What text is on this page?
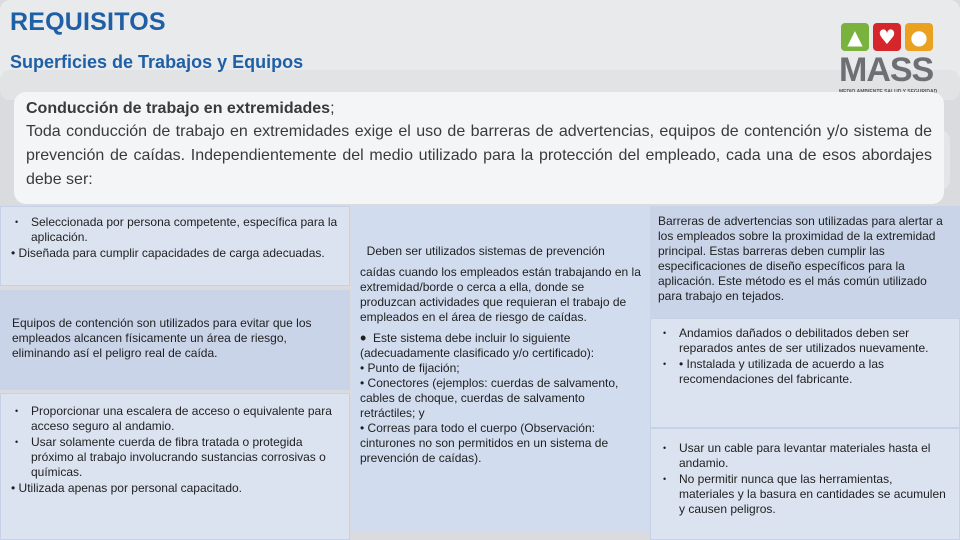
REQUISITOS
Superficies de Trabajos y Equipos
▲ ♥ ●
MASS
Conducción de trabajo en extremidades;
Toda conducción de trabajo en extremidades exige el uso de barreras de advertencias, equipos de contención y/o sistema de prevención de caídas. Independientemente del medio utilizado para la protección del empleado, cada una de esos abordajes debe ser:
• Seleccionada por persona competente, específica para la aplicación.
• Diseñada para cumplir capacidades de carga adecuadas.
Equipos de contención son utilizados para evitar que los empleados alcancen físicamente un área de riesgo, eliminando así el peligro real de caída.
• Proporcionar una escalera de acceso o equivalente para acceso seguro al andamio.
• Usar solamente cuerda de fibra tratada o protegida próximo al trabajo involucrando sustancias corrosivas o químicas.
• Utilizada apenas por personal capacitado.

Deben ser utilizados sistemas de prevención

caídas cuando los empleados están trabajando en la extremidad/borde o cerca a ella, donde se produzcan actividades que requieran el trabajo de empleados en el área de riesgo de caídas.

• Este sistema debe incluir lo siguiente

(adecuadamente clasificado y/o certificado):

• Punto de fijación;

• Conectores (ejemplos: cuerdas de salvamento, cables de choque, cuerdas de salvamento retráctiles; y

• Correas para todo el cuerpo (Observación: cinturones no son permitidos en un sistema de prevención de caídas).

Barreras de advertencias son utilizadas para alertar a los empleados sobre la proximidad de la extremidad principal. Estas barreras deben cumplir las especificaciones de diseño específicos para la aplicación. Este método es el más común utilizado para trabajo en tejados.
• Andamios dañados o debilitados deben ser reparados antes de ser utilizados nuevamente.
• • Instalada y utilizada de acuerdo a las recomendaciones del fabricante.
• Usar un cable para levantar materiales hasta el andamio.
• No permitir nunca que las herramientas, materiales y la basura en cantidades se acumulen y causen peligros.
